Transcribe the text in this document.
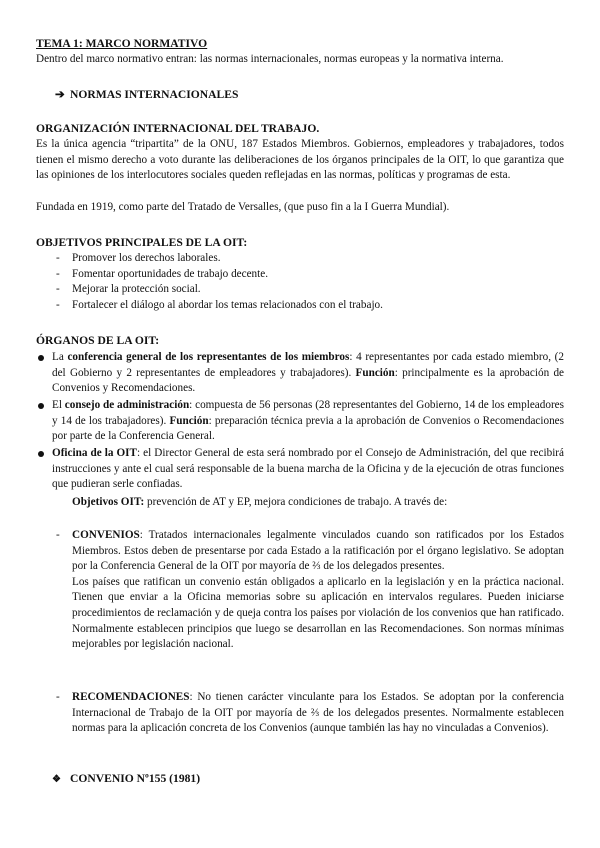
TEMA 1: MARCO NORMATIVO
Dentro del marco normativo entran: las normas internacionales, normas europeas y la normativa interna.
➔ NORMAS INTERNACIONALES
ORGANIZACIÓN INTERNACIONAL DEL TRABAJO.
Es la única agencia “tripartita” de la ONU, 187 Estados Miembros. Gobiernos, empleadores y trabajadores, todos tienen el mismo derecho a voto durante las deliberaciones de los órganos principales de la OIT, lo que garantiza que las opiniones de los interlocutores sociales queden reflejadas en las normas, políticas y programas de esta.
Fundada en 1919, como parte del Tratado de Versalles, (que puso fin a la I Guerra Mundial).
OBJETIVOS PRINCIPALES DE LA OIT:
- Promover los derechos laborales.
- Fomentar oportunidades de trabajo decente.
- Mejorar la protección social.
- Fortalecer el diálogo al abordar los temas relacionados con el trabajo.
ÓRGANOS DE LA OIT:
La conferencia general de los representantes de los miembros: 4 representantes por cada estado miembro, (2 del Gobierno y 2 representantes de empleadores y trabajadores). Función: principalmente es la aprobación de Convenios y Recomendaciones.
El consejo de administración: compuesta de 56 personas (28 representantes del Gobierno, 14 de los empleadores y 14 de los trabajadores). Función: preparación técnica previa a la aprobación de Convenios o Recomendaciones por parte de la Conferencia General.
Oficina de la OIT: el Director General de esta será nombrado por el Consejo de Administración, del que recibirá instrucciones y ante el cual será responsable de la buena marcha de la Oficina y de la ejecución de otras funciones que pudieran serle confiadas.
Objetivos OIT: prevención de AT y EP, mejora condiciones de trabajo. A través de:
- CONVENIOS: Tratados internacionales legalmente vinculados cuando son ratificados por los Estados Miembros. Estos deben de presentarse por cada Estado a la ratificación por el órgano legislativo. Se adoptan por la Conferencia General de la OIT por mayoría de ⅔ de los delegados presentes.
Los países que ratifican un convenio están obligados a aplicarlo en la legislación y en la práctica nacional. Tienen que enviar a la Oficina memorias sobre su aplicación en intervalos regulares. Pueden iniciarse procedimientos de reclamación y de queja contra los países por violación de los convenios que han ratificado. Normalmente establecen principios que luego se desarrollan en las Recomendaciones. Son normas mínimas mejorables por legislación nacional.
- RECOMENDACIONES: No tienen carácter vinculante para los Estados. Se adoptan por la conferencia Internacional de Trabajo de la OIT por mayoría de ⅔ de los delegados presentes. Normalmente establecen normas para la aplicación concreta de los Convenios (aunque también las hay no vinculadas a Convenios).
❖ CONVENIO Nº155 (1981)
